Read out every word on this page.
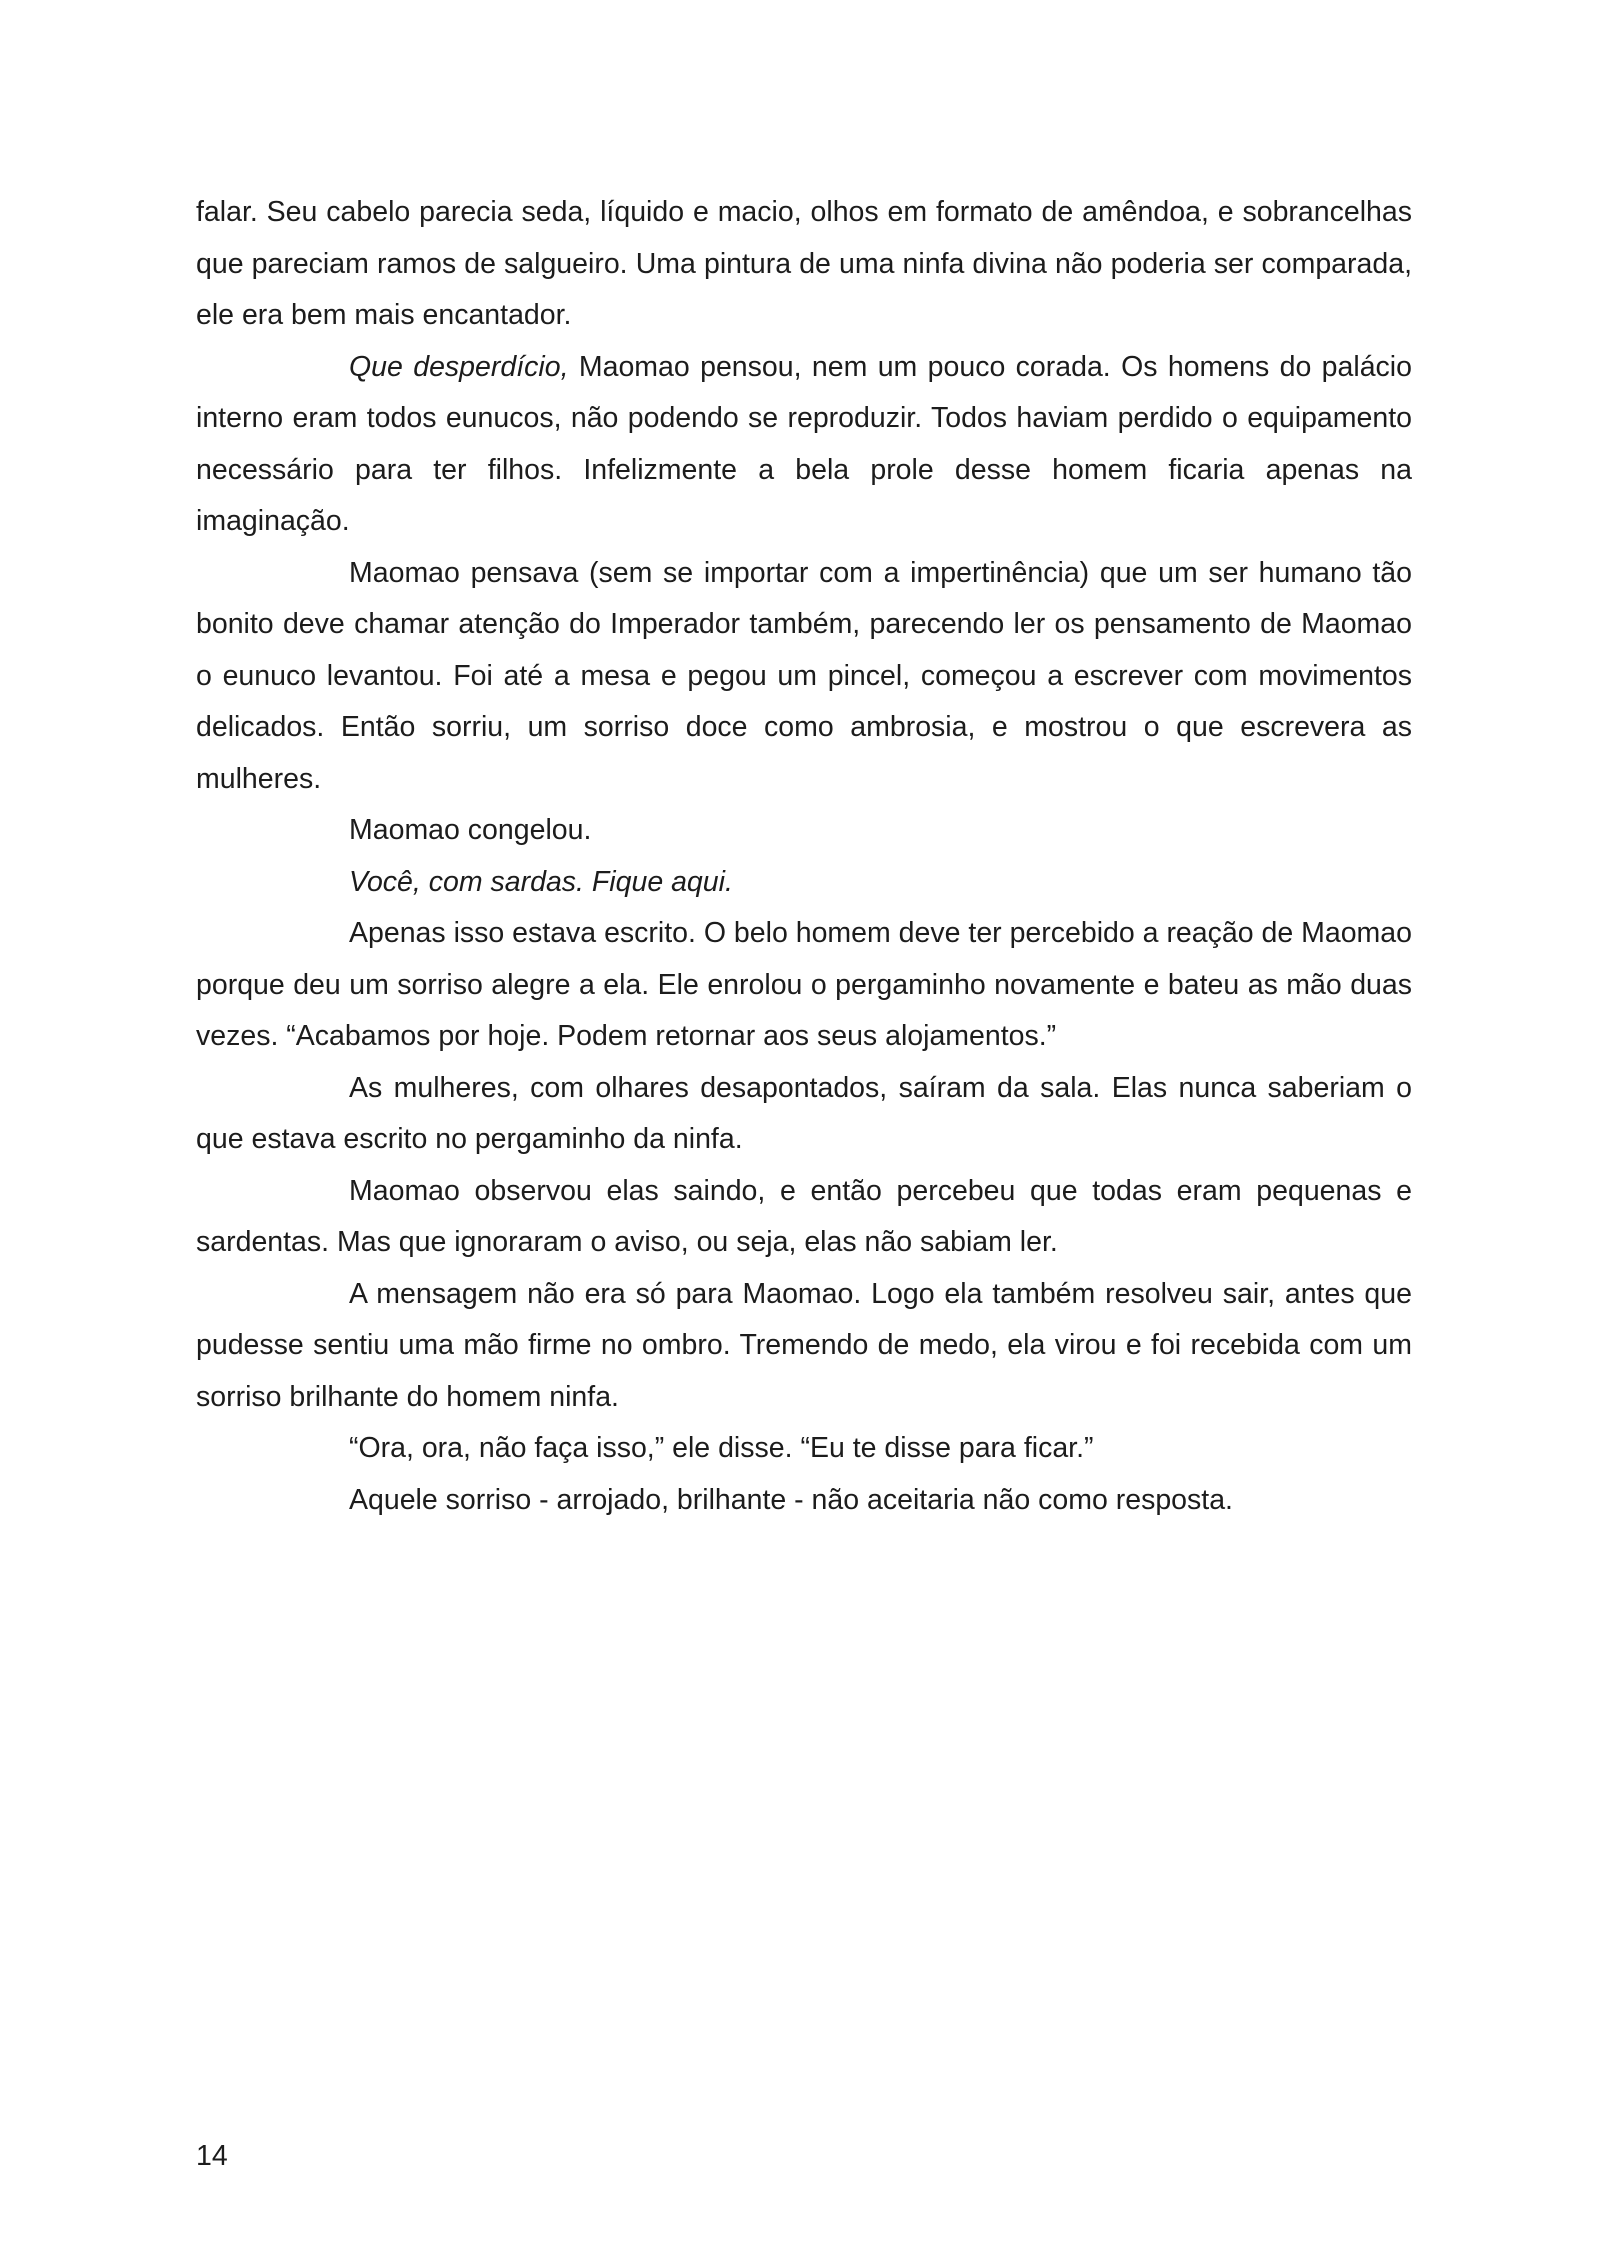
falar. Seu cabelo parecia seda, líquido e macio, olhos em formato de amêndoa, e sobrancelhas que pareciam ramos de salgueiro. Uma pintura de uma ninfa divina não poderia ser comparada, ele era bem mais encantador.

Que desperdício, Maomao pensou, nem um pouco corada. Os homens do palácio interno eram todos eunucos, não podendo se reproduzir. Todos haviam perdido o equipamento necessário para ter filhos. Infelizmente a bela prole desse homem ficaria apenas na imaginação.

Maomao pensava (sem se importar com a impertinência) que um ser humano tão bonito deve chamar atenção do Imperador também, parecendo ler os pensamento de Maomao o eunuco levantou. Foi até a mesa e pegou um pincel, começou a escrever com movimentos delicados. Então sorriu, um sorriso doce como ambrosia, e mostrou o que escrevera as mulheres.

Maomao congelou.

Você, com sardas. Fique aqui.

Apenas isso estava escrito. O belo homem deve ter percebido a reação de Maomao porque deu um sorriso alegre a ela. Ele enrolou o pergaminho novamente e bateu as mão duas vezes. “Acabamos por hoje. Podem retornar aos seus alojamentos.”

As mulheres, com olhares desapontados, saíram da sala. Elas nunca saberiam o que estava escrito no pergaminho da ninfa.

Maomao observou elas saindo, e então percebeu que todas eram pequenas e sardentas. Mas que ignoraram o aviso, ou seja, elas não sabiam ler.

A mensagem não era só para Maomao. Logo ela também resolveu sair, antes que pudesse sentiu uma mão firme no ombro. Tremendo de medo, ela virou e foi recebida com um sorriso brilhante do homem ninfa.

“Ora, ora, não faça isso,” ele disse. “Eu te disse para ficar.”

Aquele sorriso - arrojado, brilhante - não aceitaria não como resposta.

14
